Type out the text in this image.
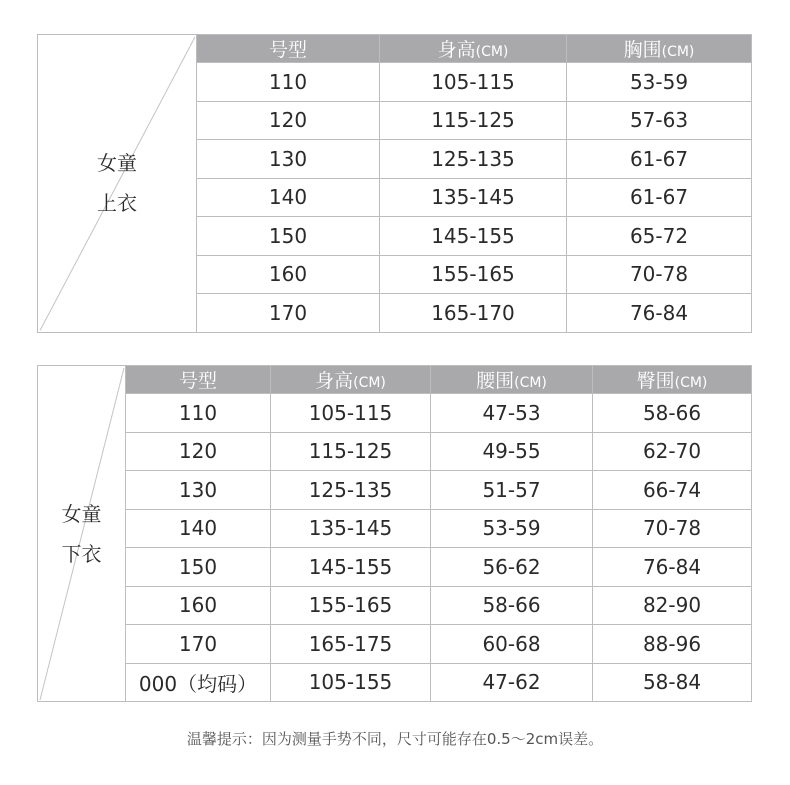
女童
上衣	号型	身高(CM)	胸围(CM)
	110	105-115	53-59
	120	115-125	57-63
	130	125-135	61-67
	140	135-145	61-67
	150	145-155	65-72
	160	155-165	70-78
	170	165-170	76-84
女童
下衣	号型	身高(CM)	腰围(CM)	臀围(CM)
	110	105-115	47-53	58-66
	120	115-125	49-55	62-70
	130	125-135	51-57	66-74
	140	135-145	53-59	70-78
	150	145-155	56-62	76-84
	160	155-165	58-66	82-90
	170	165-175	60-68	88-96
	000（均码）	105-155	47-62	58-84
温馨提示：因为测量手势不同，尺寸可能存在0.5～2cm误差。
